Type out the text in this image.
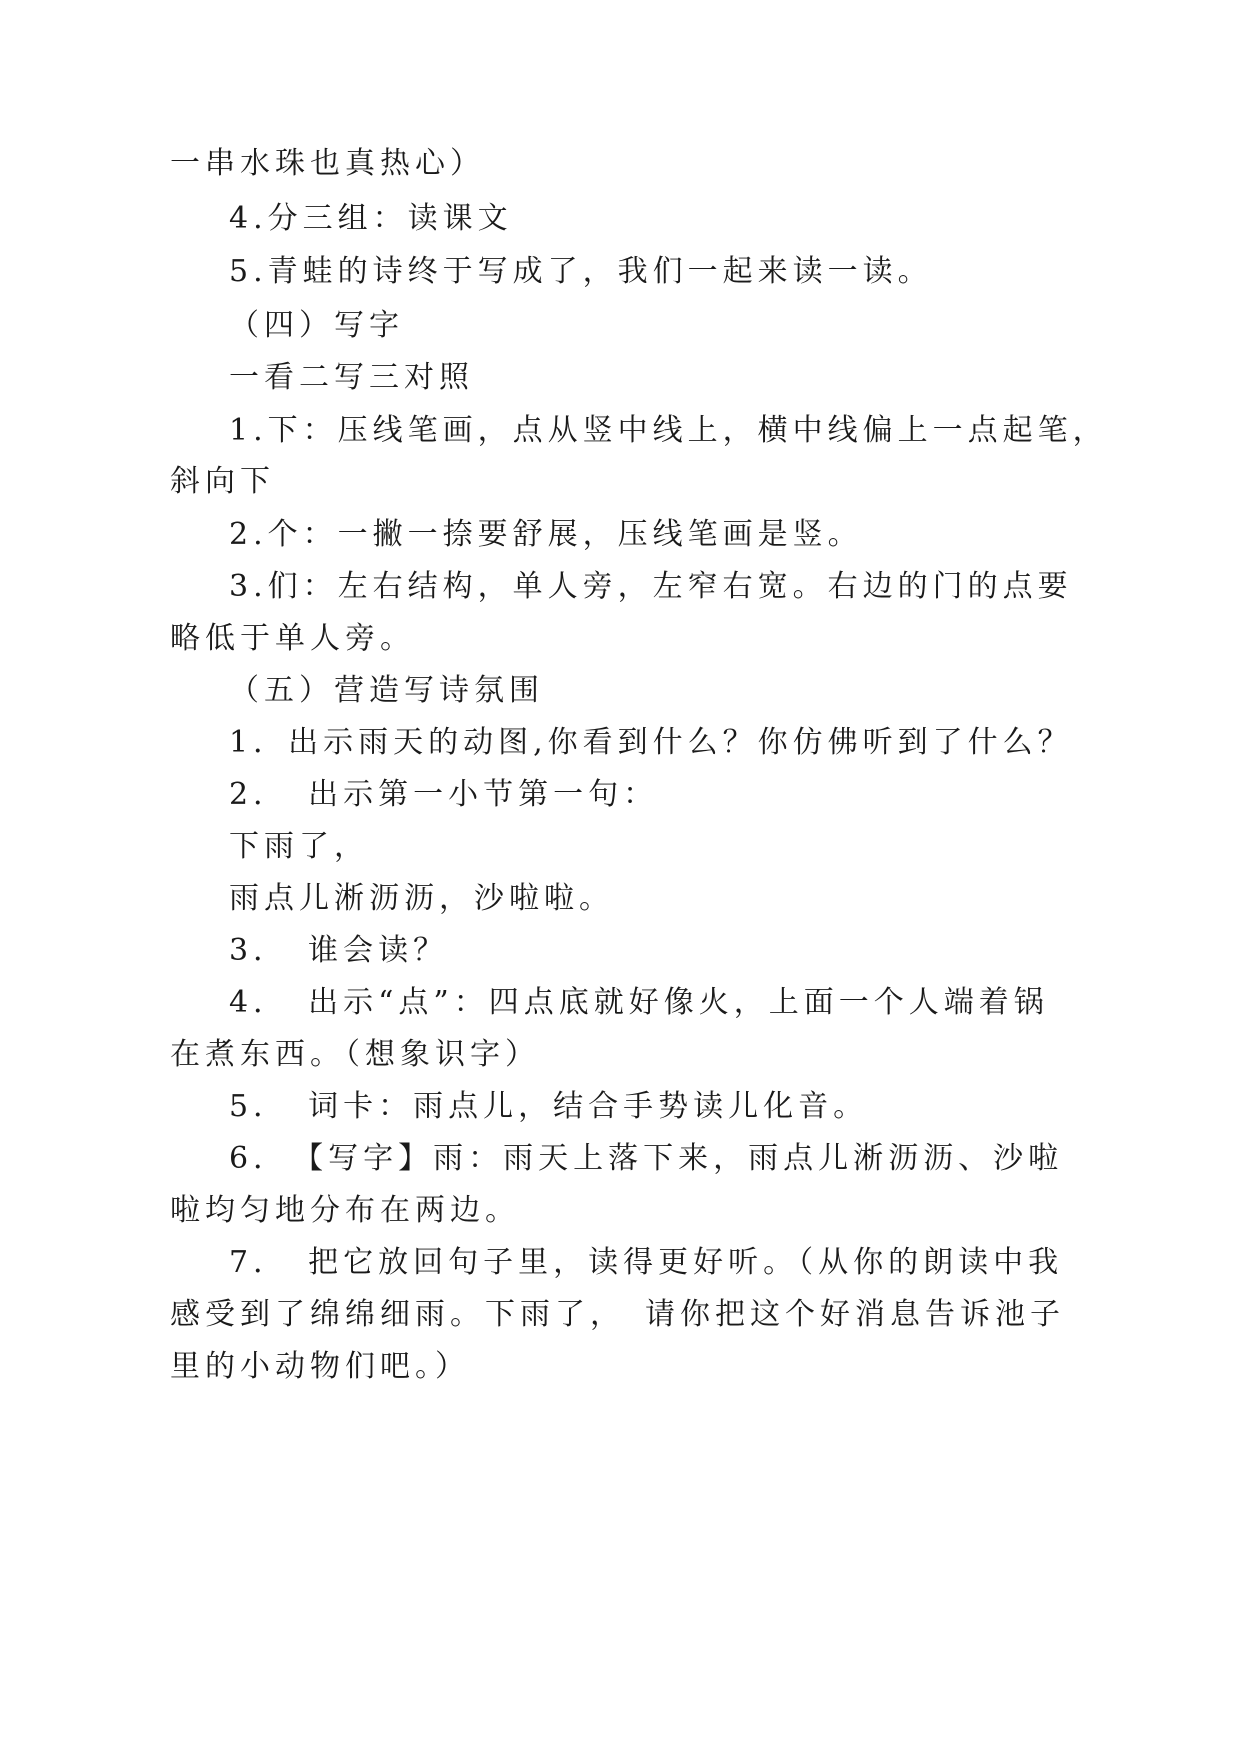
一串水珠也真热心）
4.分三组：读课文
5.青蛙的诗终于写成了，我们一起来读一读。
（四）写字
一看二写三对照
1.下：压线笔画，点从竖中线上，横中线偏上一点起笔，
斜向下
2.个：一撇一捺要舒展，压线笔画是竖。
3.们：左右结构，单人旁，左窄右宽。右边的门的点要
略低于单人旁。
（五）营造写诗氛围
1．出示雨天的动图,你看到什么？你仿佛听到了什么？
2．　出示第一小节第一句：
下雨了，
雨点儿淅沥沥，沙啦啦。
3．　谁会读？
4．　出示“点”：四点底就好像火，上面一个人端着锅
在煮东西。（想象识字）
5．　词卡：雨点儿，结合手势读儿化音。
6．　【写字】雨：雨天上落下来，雨点儿淅沥沥、沙啦
啦均匀地分布在两边。
7．　把它放回句子里，读得更好听。（从你的朗读中我
感受到了绵绵细雨。下雨了，　请你把这个好消息告诉池子
里的小动物们吧。）
